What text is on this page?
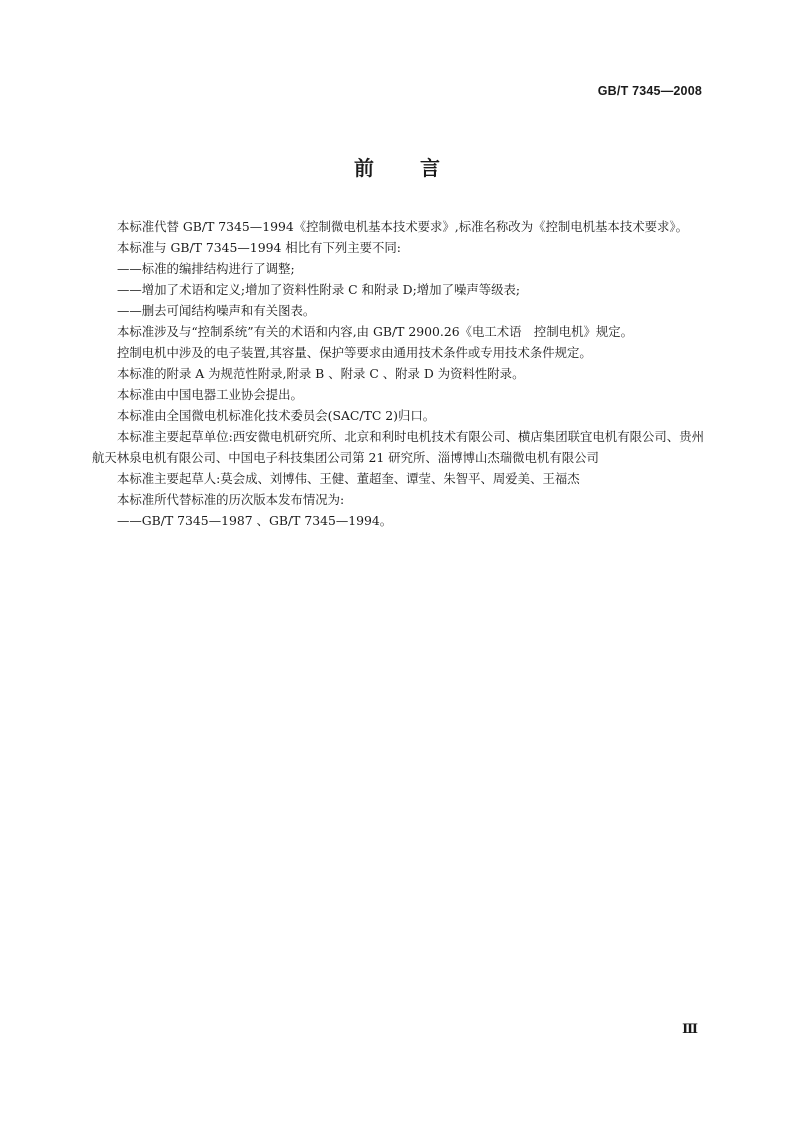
GB/T 7345—2008
前言

本标准代替 GB/T 7345—1994《控制微电机基本技术要求》,标准名称改为《控制电机基本技术要求》。

本标准与 GB/T 7345—1994 相比有下列主要不同:

——标准的编排结构进行了调整;

——增加了术语和定义;增加了资料性附录 C 和附录 D;增加了噪声等级表;

——删去可闻结构噪声和有关图表。

本标准涉及与“控制系统”有关的术语和内容,由 GB/T 2900.26《电工术语　控制电机》规定。

控制电机中涉及的电子装置,其容量、保护等要求由通用技术条件或专用技术条件规定。

本标准的附录 A 为规范性附录,附录 B 、附录 C 、附录 D 为资料性附录。

本标准由中国电器工业协会提出。

本标准由全国微电机标准化技术委员会(SAC/TC 2)归口。

本标准主要起草单位:西安微电机研究所、北京和利时电机技术有限公司、横店集团联宜电机有限公司、贵州航天林泉电机有限公司、中国电子科技集团公司第 21 研究所、淄博博山杰瑞微电机有限公司

本标准主要起草人:莫会成、刘博伟、王健、董超奎、谭莹、朱智平、周爱美、王福杰

本标准所代替标准的历次版本发布情况为:

——GB/T 7345—1987 、GB/T 7345—1994。

Ⅲ
